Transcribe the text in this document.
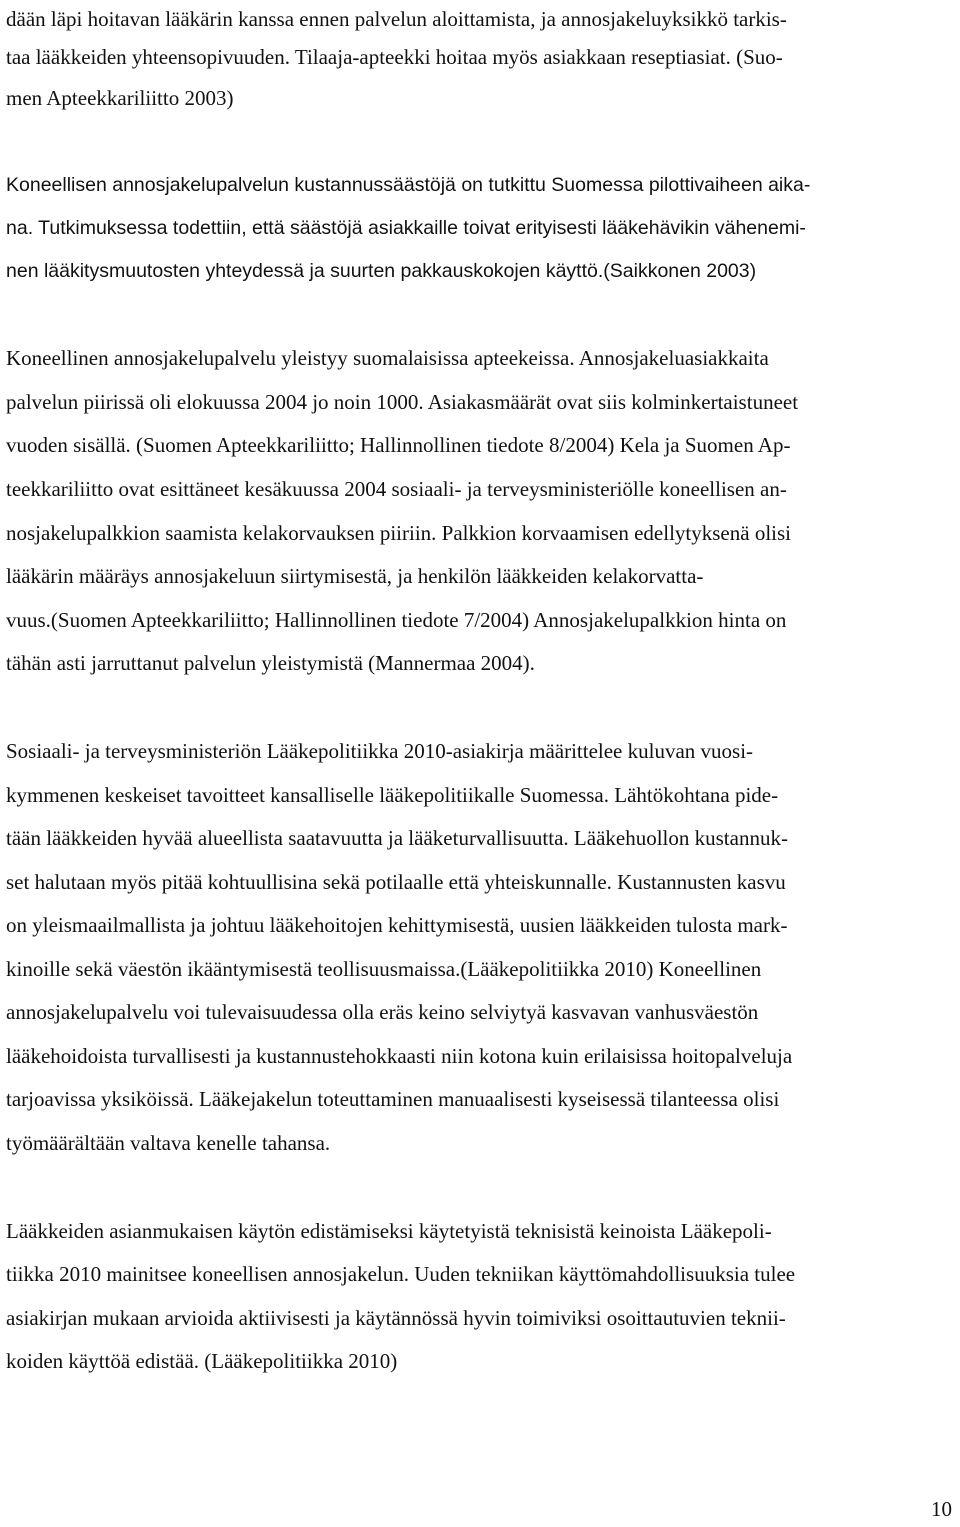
dään läpi hoitavan lääkärin kanssa ennen palvelun aloittamista, ja annosjakeluyksikkö tarkis-
taa lääkkeiden yhteensopivuuden. Tilaaja-apteekki hoitaa myös asiakkaan reseptiasiat. (Suo-
men Apteekkariliitto 2003)
Koneellisen annosjakelupalvelun kustannussäästöjä on tutkittu Suomessa pilottivaiheen aika-
na. Tutkimuksessa todettiin, että säästöjä asiakkaille toivat erityisesti lääkehävikin vähenemi-
nen lääkitysmuutosten yhteydessä ja suurten pakkauskokojen käyttö.(Saikkonen 2003)
Koneellinen annosjakelupalvelu yleistyy suomalaisissa apteekeissa. Annosjakeluasiakkaita
palvelun piirissä oli elokuussa 2004 jo noin 1000. Asiakasmäärät ovat siis kolminkertaistuneet
vuoden sisällä. (Suomen Apteekkariliitto; Hallinnollinen tiedote 8/2004) Kela ja Suomen Ap-
teekkariliitto ovat esittäneet kesäkuussa 2004 sosiaali- ja terveysministeriölle koneellisen an-
nosjakelupalkkion saamista kelakorvauksen piiriin. Palkkion korvaamisen edellytyksenä olisi
lääkärin määräys annosjakeluun siirtymisestä, ja henkilön lääkkeiden kelakorvatta-
vuus.(Suomen Apteekkariliitto; Hallinnollinen tiedote 7/2004) Annosjakelupalkkion hinta on
tähän asti jarruttanut palvelun yleistymistä (Mannermaa 2004).
Sosiaali- ja terveysministeriön Lääkepolitiikka 2010-asiakirja määrittelee kuluvan vuosi-
kymmenen keskeiset tavoitteet kansalliselle lääkepolitiikalle Suomessa. Lähtökohtana pide-
tään lääkkeiden hyvää alueellista saatavuutta ja lääketurvallisuutta. Lääkehuollon kustannuk-
set halutaan myös pitää kohtuullisina sekä potilaalle että yhteiskunnalle. Kustannusten kasvu
on yleismaailmallista ja johtuu lääkehoitojen kehittymisestä, uusien lääkkeiden tulosta mark-
kinoille sekä väestön ikääntymisestä teollisuusmaissa.(Lääkepolitiikka 2010) Koneellinen
annosjakelupalvelu voi tulevaisuudessa olla eräs keino selviytyä kasvavan vanhusväestön
lääkehoidoista turvallisesti ja kustannustehokkaasti niin kotona kuin erilaisissa hoitopalveluja
tarjoavissa yksiköissä. Lääkejakelun toteuttaminen manuaalisesti kyseisessä tilanteessa olisi
työmäärältään valtava kenelle tahansa.
Lääkkeiden asianmukaisen käytön edistämiseksi käytetyistä teknisistä keinoista Lääkepoli-
tiikka 2010 mainitsee koneellisen annosjakelun. Uuden tekniikan käyttömahdollisuuksia tulee
asiakirjan mukaan arvioida aktiivisesti ja käytännössä hyvin toimiviksi osoittautuvien teknii-
koiden käyttöä edistää. (Lääkepolitiikka 2010)
10
